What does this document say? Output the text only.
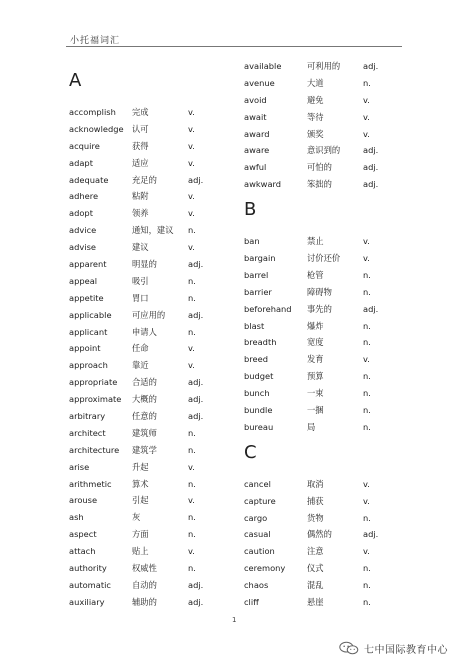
小托福词汇
A
accomplish 完成	v.
acknowledge 认可	v.
acquire	获得	v.
adapt	适应	v.
adequate	充足的	adj.
adhere	粘附	v.
adopt	领养	v.
advice	通知，建议 n.
advise	建议	v.
apparent	明显的	adj.
appeal	吸引	n.
appetite	胃口	n.
applicable 可应用的	adj.
applicant	申请人	n.
appoint	任命	v.
approach	靠近	v.
appropriate 合适的	adj.
approximate 大概的	adj.
arbitrary	任意的	adj.
architect	建筑师	n.
architecture 建筑学	n.
arise	升起	v.
arithmetic 算术	n.
arouse	引起	v.
ash	灰	n.
aspect	方面	n.
attach	贴上	v.
authority	权威性	n.
automatic	自动的	adj.
auxiliary	辅助的	adj.
available	可利用的	adj.
avenue	大道	n.
avoid	避免	v.
await	等待	v.
award	颁奖	v.
aware	意识到的	adj.
awful	可怕的	adj.
awkward	笨拙的	adj.
B
ban	禁止	v.
bargain	讨价还价	v.
barrel	枪管	n.
barrier	障碍物	n.
beforehand 事先的	adj.
blast	爆炸	n.
breadth	宽度	n.
breed	发育	v.
budget	预算	n.
bunch	一束	n.
bundle	一捆	n.
bureau	局	n.
C
cancel	取消	v.
capture	捕获	v.
cargo	货物	n.
casual	偶然的	adj.
caution	注意	v.
ceremony	仪式	n.
chaos	混乱	n.
cliff	悬崖	n.
1
七中国际教育中心
